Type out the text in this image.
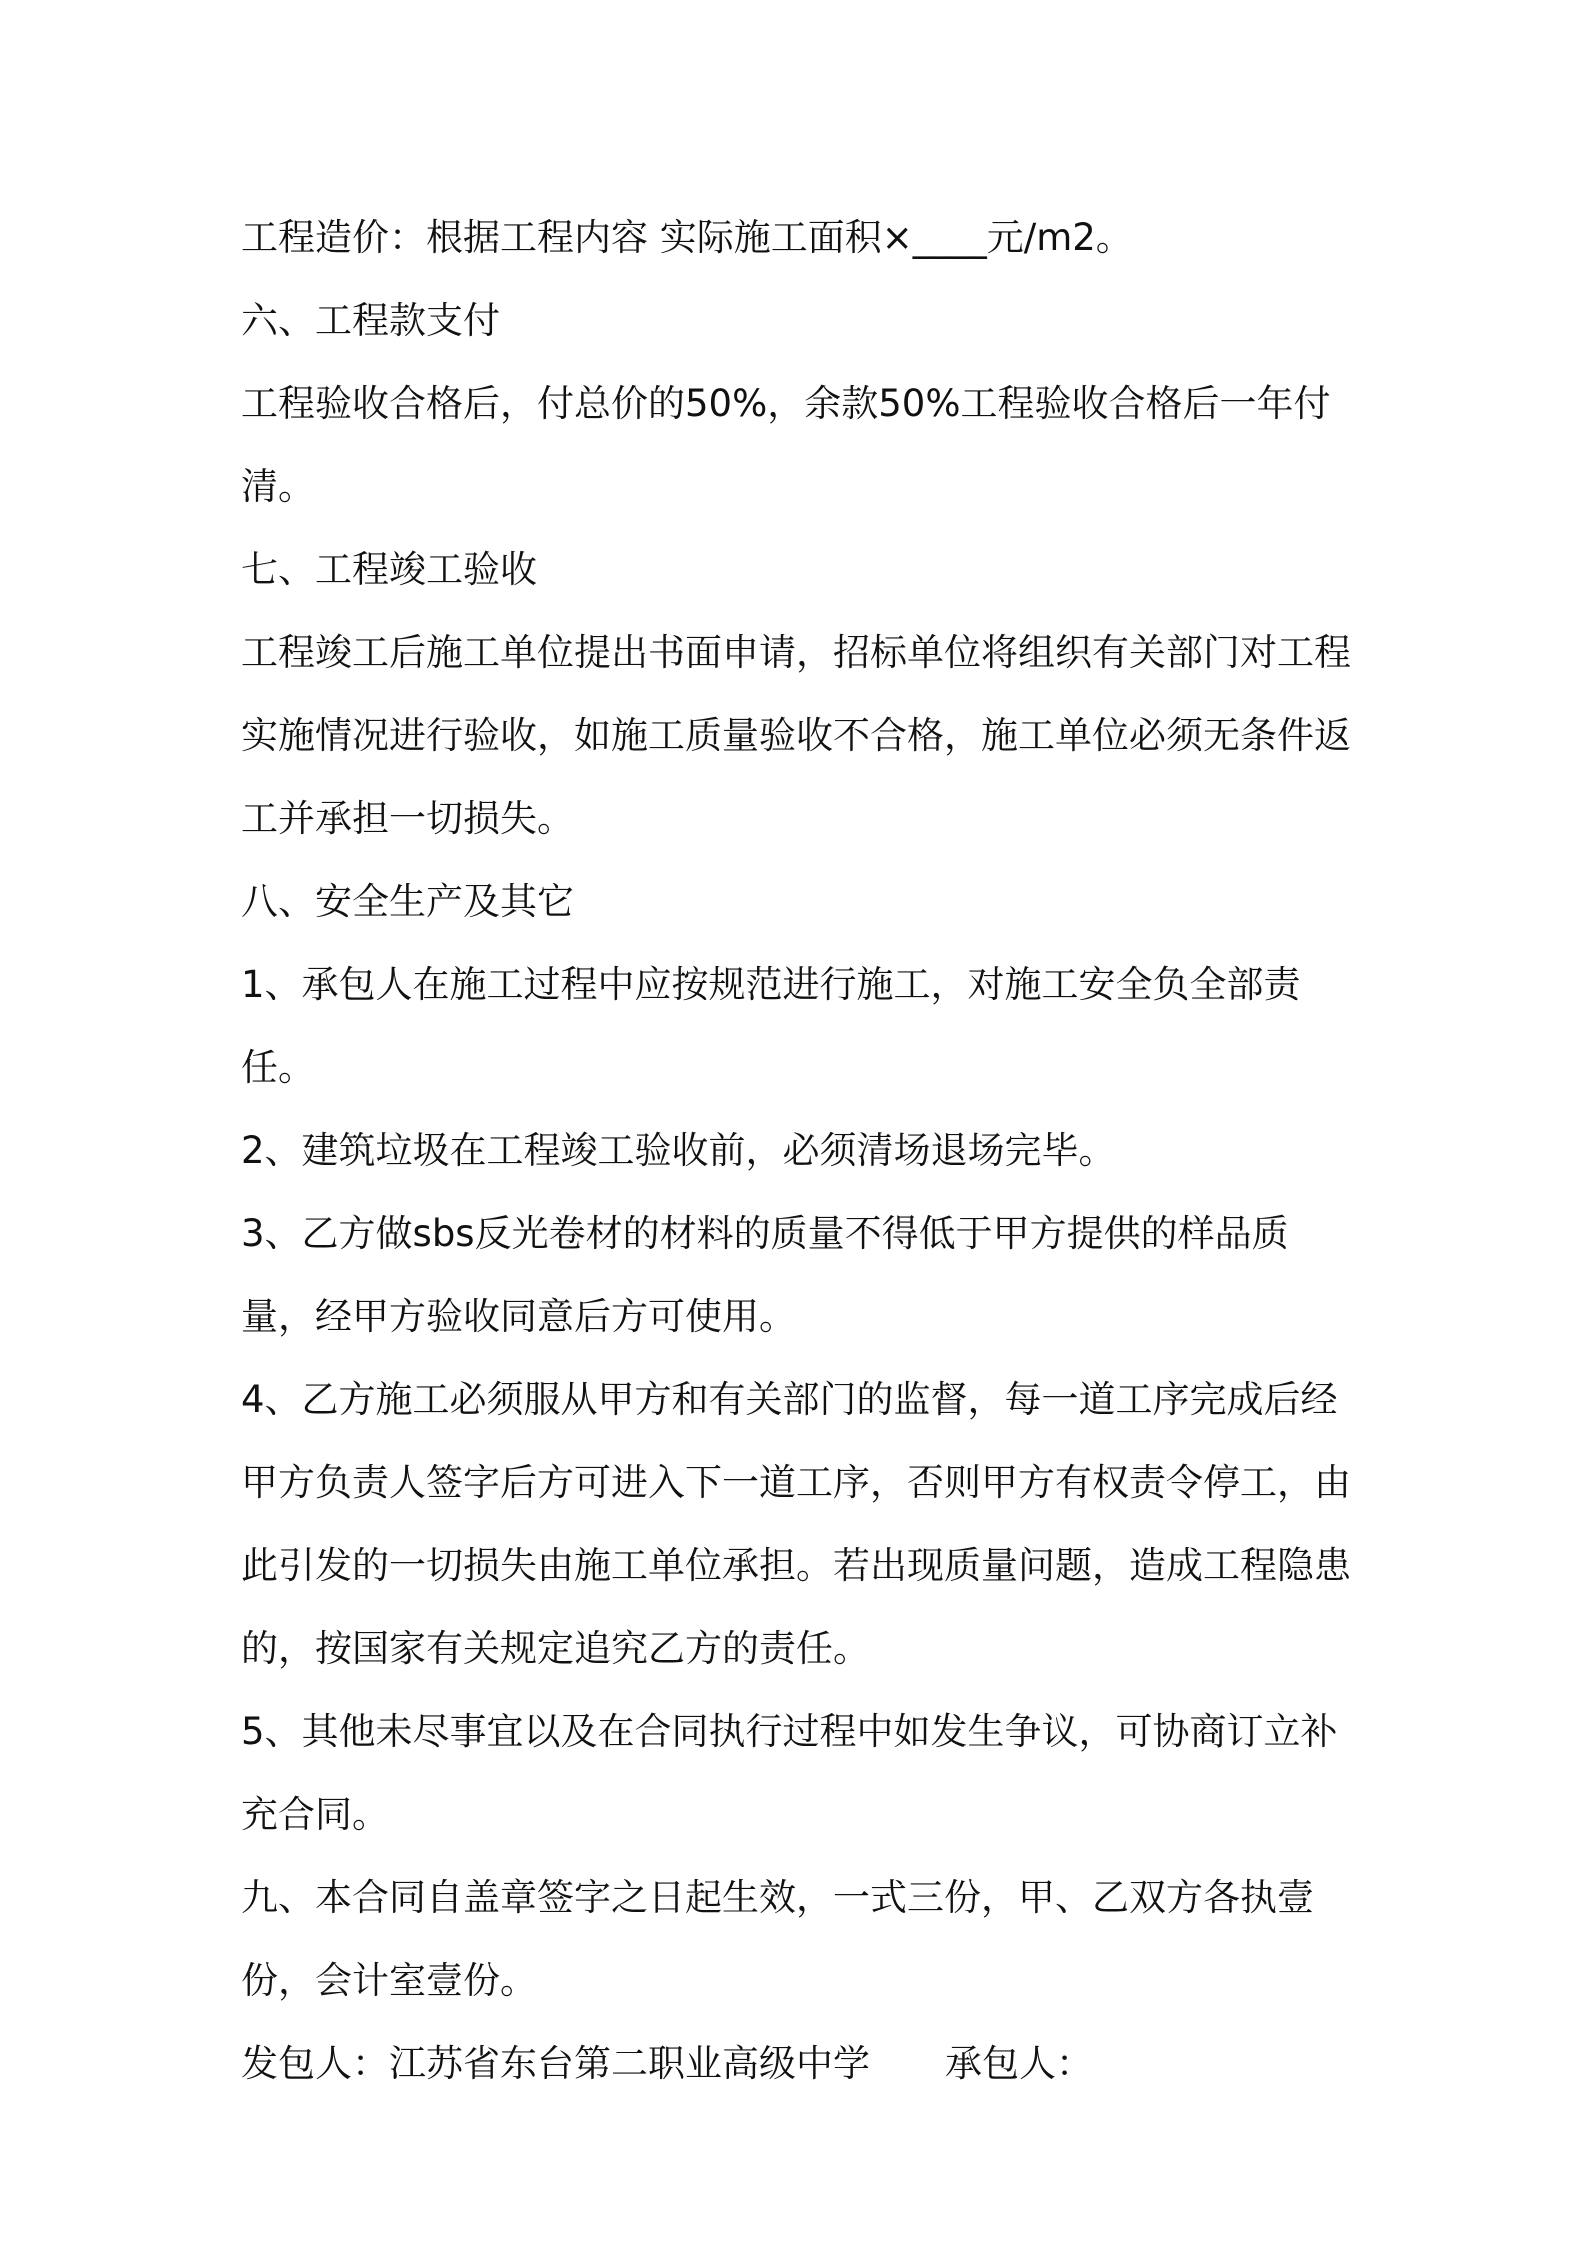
工程造价：根据工程内容 实际施工面积×____元/m2。

六、工程款支付

工程验收合格后，付总价的50%，余款50%工程验收合格后一年付清。

七、工程竣工验收

工程竣工后施工单位提出书面申请，招标单位将组织有关部门对工程实施情况进行验收，如施工质量验收不合格，施工单位必须无条件返工并承担一切损失。

八、安全生产及其它

1、承包人在施工过程中应按规范进行施工，对施工安全负全部责任。

2、建筑垃圾在工程竣工验收前，必须清场退场完毕。

3、乙方做sbs反光卷材的材料的质量不得低于甲方提供的样品质量，经甲方验收同意后方可使用。

4、乙方施工必须服从甲方和有关部门的监督，每一道工序完成后经甲方负责人签字后方可进入下一道工序，否则甲方有权责令停工，由此引发的一切损失由施工单位承担。若出现质量问题，造成工程隐患的，按国家有关规定追究乙方的责任。

5、其他未尽事宜以及在合同执行过程中如发生争议，可协商订立补充合同。

九、本合同自盖章签字之日起生效，一式三份，甲、乙双方各执壹份，会计室壹份。

发包人：江苏省东台第二职业高级中学 承包人：
